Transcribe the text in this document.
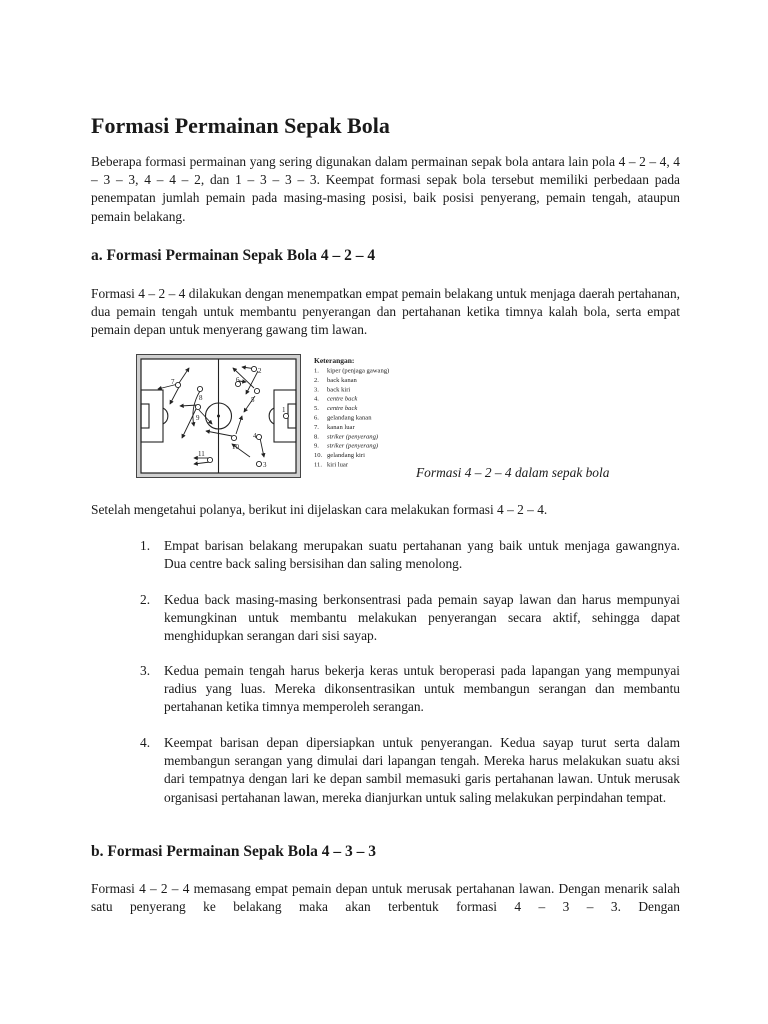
Formasi Permainan Sepak Bola

Beberapa formasi permainan yang sering digunakan dalam permainan sepak bola antara lain pola 4 – 2 – 4, 4 – 3 – 3, 4 – 4 – 2, dan 1 – 3 – 3 – 3. Keempat formasi sepak bola tersebut memiliki perbedaan pada penempatan jumlah pemain pada masing-masing posisi, baik posisi penyerang, pemain tengah, ataupun pemain belakang.

a. Formasi Permainan Sepak Bola 4 – 2 – 4

Formasi 4 – 2 – 4 dilakukan dengan menempatkan empat pemain belakang untuk menjaga daerah pertahanan, dua pemain tengah untuk membantu penyerangan dan pertahanan ketika timnya kalah bola, serta empat pemain depan untuk menyerang gawang tim lawan.

8
9
10
5
2
6
3
4
11
1
7
Keterangan:
1. kiper (penjaga gawang)
2. back kanan
3. back kiri
4. centre back
5. centre back
6. gelandang kanan
7. kanan luar
8. striker (penyerang)
9. striker (penyerang)
10. gelandang kiri
11. kiri luar	Formasi 4 – 2 – 4 dalam sepak bola

Setelah mengetahui polanya, berikut ini dijelaskan cara melakukan formasi 4 – 2 – 4.

1. Empat barisan belakang merupakan suatu pertahanan yang baik untuk menjaga gawangnya. Dua centre back saling bersisihan dan saling menolong.

2. Kedua back masing-masing berkonsentrasi pada pemain sayap lawan dan harus mempunyai kemungkinan untuk membantu melakukan penyerangan secara aktif, sehingga dapat menghidupkan serangan dari sisi sayap.

3. Kedua pemain tengah harus bekerja keras untuk beroperasi pada lapangan yang mempunyai radius yang luas. Mereka dikonsentrasikan untuk membangun serangan dan membantu pertahanan ketika timnya memperoleh serangan.

4. Keempat barisan depan dipersiapkan untuk penyerangan. Kedua sayap turut serta dalam membangun serangan yang dimulai dari lapangan tengah. Mereka harus melakukan suatu aksi dari tempatnya dengan lari ke depan sambil memasuki garis pertahanan lawan. Untuk merusak organisasi pertahanan lawan, mereka dianjurkan untuk saling melakukan perpindahan tempat.

b. Formasi Permainan Sepak Bola 4 – 3 – 3

Formasi 4 – 2 – 4 memasang empat pemain depan untuk merusak pertahanan lawan. Dengan menarik salah satu penyerang ke belakang maka akan terbentuk formasi 4 – 3 – 3. Dengan
